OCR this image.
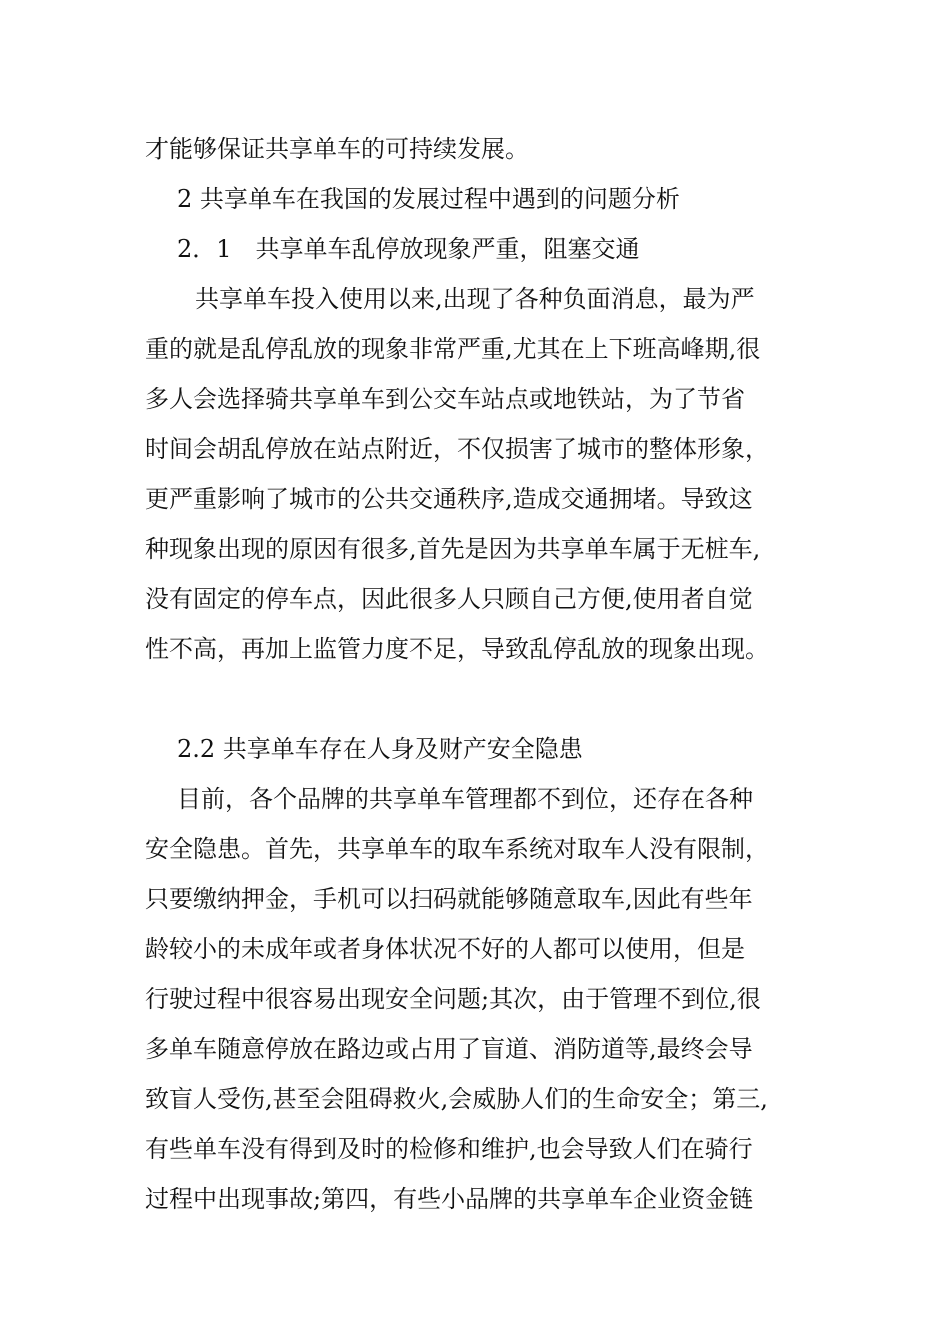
才能够保证共享单车的可持续发展。
2 共享单车在我国的发展过程中遇到的问题分析
2．1　共享单车乱停放现象严重，阻塞交通
共享单车投入使用以来,出现了各种负面消息，最为严
重的就是乱停乱放的现象非常严重,尤其在上下班高峰期,很
多人会选择骑共享单车到公交车站点或地铁站，为了节省
时间会胡乱停放在站点附近，不仅损害了城市的整体形象，
更严重影响了城市的公共交通秩序,造成交通拥堵。导致这
种现象出现的原因有很多,首先是因为共享单车属于无桩车,
没有固定的停车点，因此很多人只顾自己方便,使用者自觉
性不高，再加上监管力度不足，导致乱停乱放的现象出现。
2.2 共享单车存在人身及财产安全隐患
目前，各个品牌的共享单车管理都不到位，还存在各种
安全隐患。首先，共享单车的取车系统对取车人没有限制，
只要缴纳押金，手机可以扫码就能够随意取车,因此有些年
龄较小的未成年或者身体状况不好的人都可以使用，但是
行驶过程中很容易出现安全问题;其次，由于管理不到位,很
多单车随意停放在路边或占用了盲道、消防道等,最终会导
致盲人受伤,甚至会阻碍救火,会威胁人们的生命安全；第三,
有些单车没有得到及时的检修和维护,也会导致人们在骑行
过程中出现事故;第四，有些小品牌的共享单车企业资金链
